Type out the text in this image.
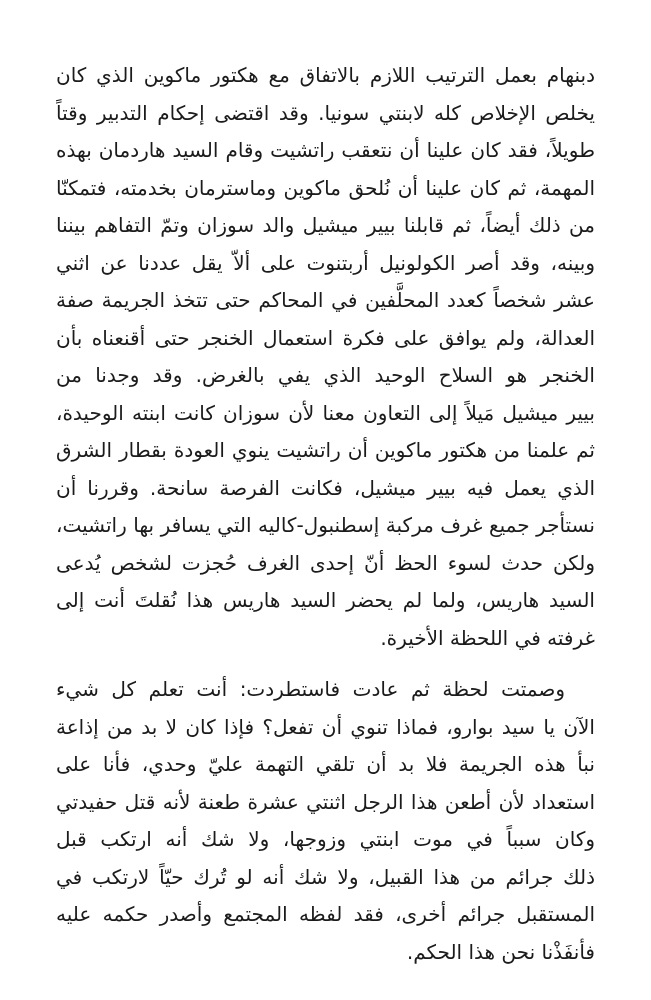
دبنهام بعمل الترتيب اللازم بالاتفاق مع هكتور ماكوين الذي كان
يخلص الإخلاص كله لابنتي سونيا. وقد اقتضى إحكام التدبير وقتاً
طويلاً، فقد كان علينا أن نتعقب راتشيت وقام السيد هاردمان بهذه
المهمة، ثم كان علينا أن نُلحق ماكوين وماسترمان بخدمته، فتمكنّا
من ذلك أيضاً، ثم قابلنا بيير ميشيل والد سوزان وتمّ التفاهم بيننا
وبينه، وقد أصر الكولونيل أربتنوت على ألاّ يقل عددنا عن اثني
عشر شخصاً كعدد المحلَّفين في المحاكم حتى تتخذ الجريمة صفة
العدالة، ولم يوافق على فكرة استعمال الخنجر حتى أقنعناه بأن
الخنجر هو السلاح الوحيد الذي يفي بالغرض. وقد وجدنا من
بيير ميشيل مَيلاً إلى التعاون معنا لأن سوزان كانت ابنته الوحيدة،
ثم علمنا من هكتور ماكوين أن راتشيت ينوي العودة بقطار الشرق
الذي يعمل فيه بيير ميشيل، فكانت الفرصة سانحة. وقررنا أن
نستأجر جميع غرف مركبة إسطنبول-كاليه التي يسافر بها راتشيت،
ولكن حدث لسوء الحظ أنّ إحدى الغرف حُجزت لشخص يُدعى
السيد هاريس، ولما لم يحضر السيد هاريس هذا نُقلتَ أنت إلى
غرفته في اللحظة الأخيرة.
وصمتت لحظة ثم عادت فاستطردت: أنت تعلم كل شيء
الآن يا سيد بوارو، فماذا تنوي أن تفعل؟ فإذا كان لا بد من إذاعة
نبأ هذه الجريمة فلا بد أن تلقي التهمة عليّ وحدي، فأنا على
استعداد لأن أطعن هذا الرجل اثنتي عشرة طعنة لأنه قتل حفيدتي
وكان سبباً في موت ابنتي وزوجها، ولا شك أنه ارتكب قبل
ذلك جرائم من هذا القبيل، ولا شك أنه لو تُرك حيّاً لارتكب في
المستقبل جرائم أخرى، فقد لفظه المجتمع وأصدر حكمه عليه
فأنفَذْنا نحن هذا الحكم.
